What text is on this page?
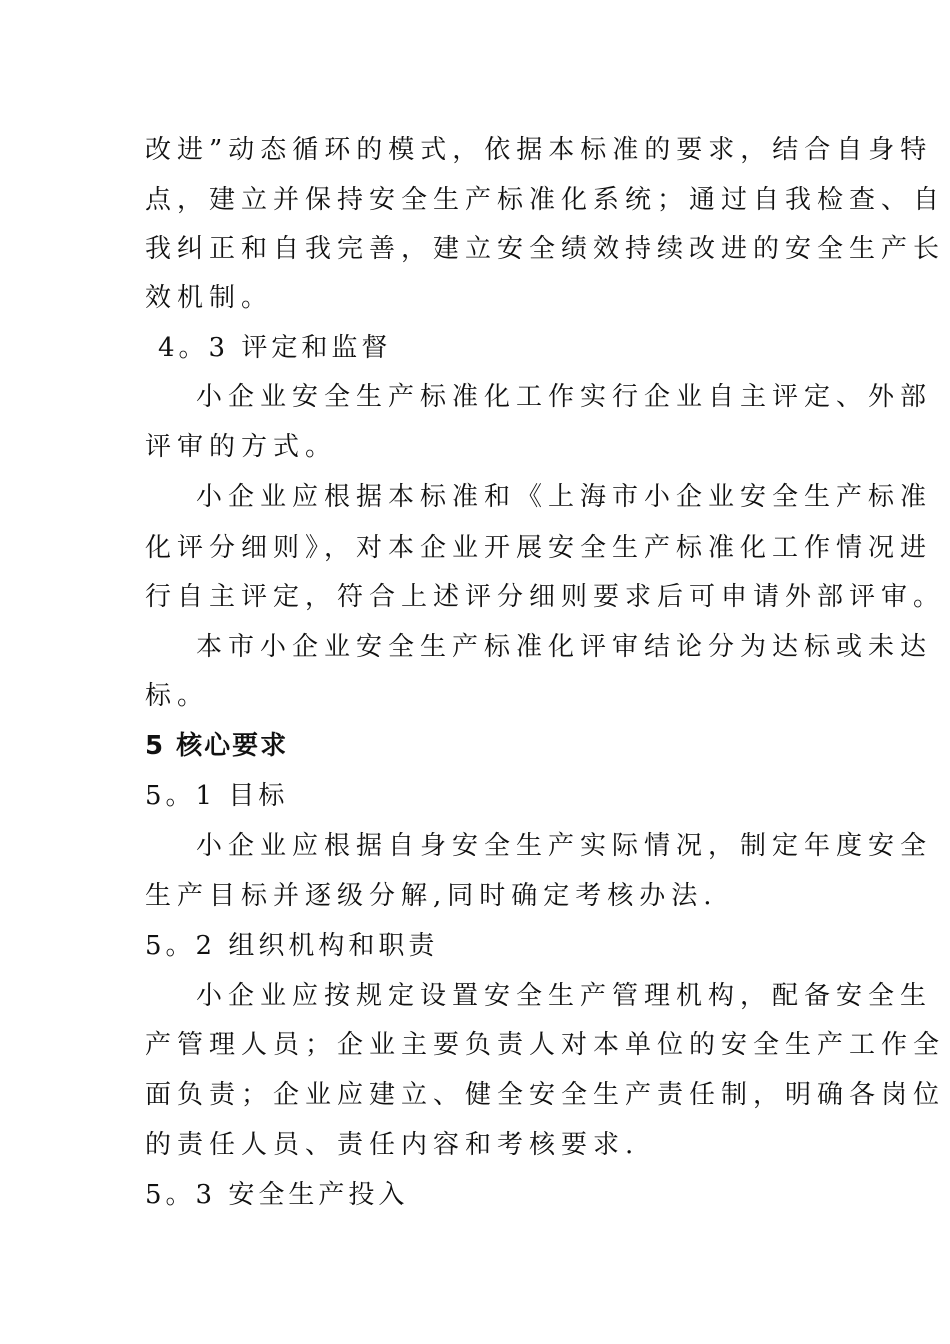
改进”动态循环的模式，依据本标准的要求，结合自身特
点，建立并保持安全生产标准化系统；通过自我检查、自
我纠正和自我完善，建立安全绩效持续改进的安全生产长
效机制。
4。3 评定和监督
小企业安全生产标准化工作实行企业自主评定、外部
评审的方式。
小企业应根据本标准和《上海市小企业安全生产标准
化评分细则》，对本企业开展安全生产标准化工作情况进
行自主评定，符合上述评分细则要求后可申请外部评审。
本市小企业安全生产标准化评审结论分为达标或未达
标。
5 核心要求
5。1 目标
小企业应根据自身安全生产实际情况，制定年度安全
生产目标并逐级分解,同时确定考核办法.
5。2 组织机构和职责
小企业应按规定设置安全生产管理机构，配备安全生
产管理人员；企业主要负责人对本单位的安全生产工作全
面负责；企业应建立、健全安全生产责任制，明确各岗位
的责任人员、责任内容和考核要求.
5。3 安全生产投入
